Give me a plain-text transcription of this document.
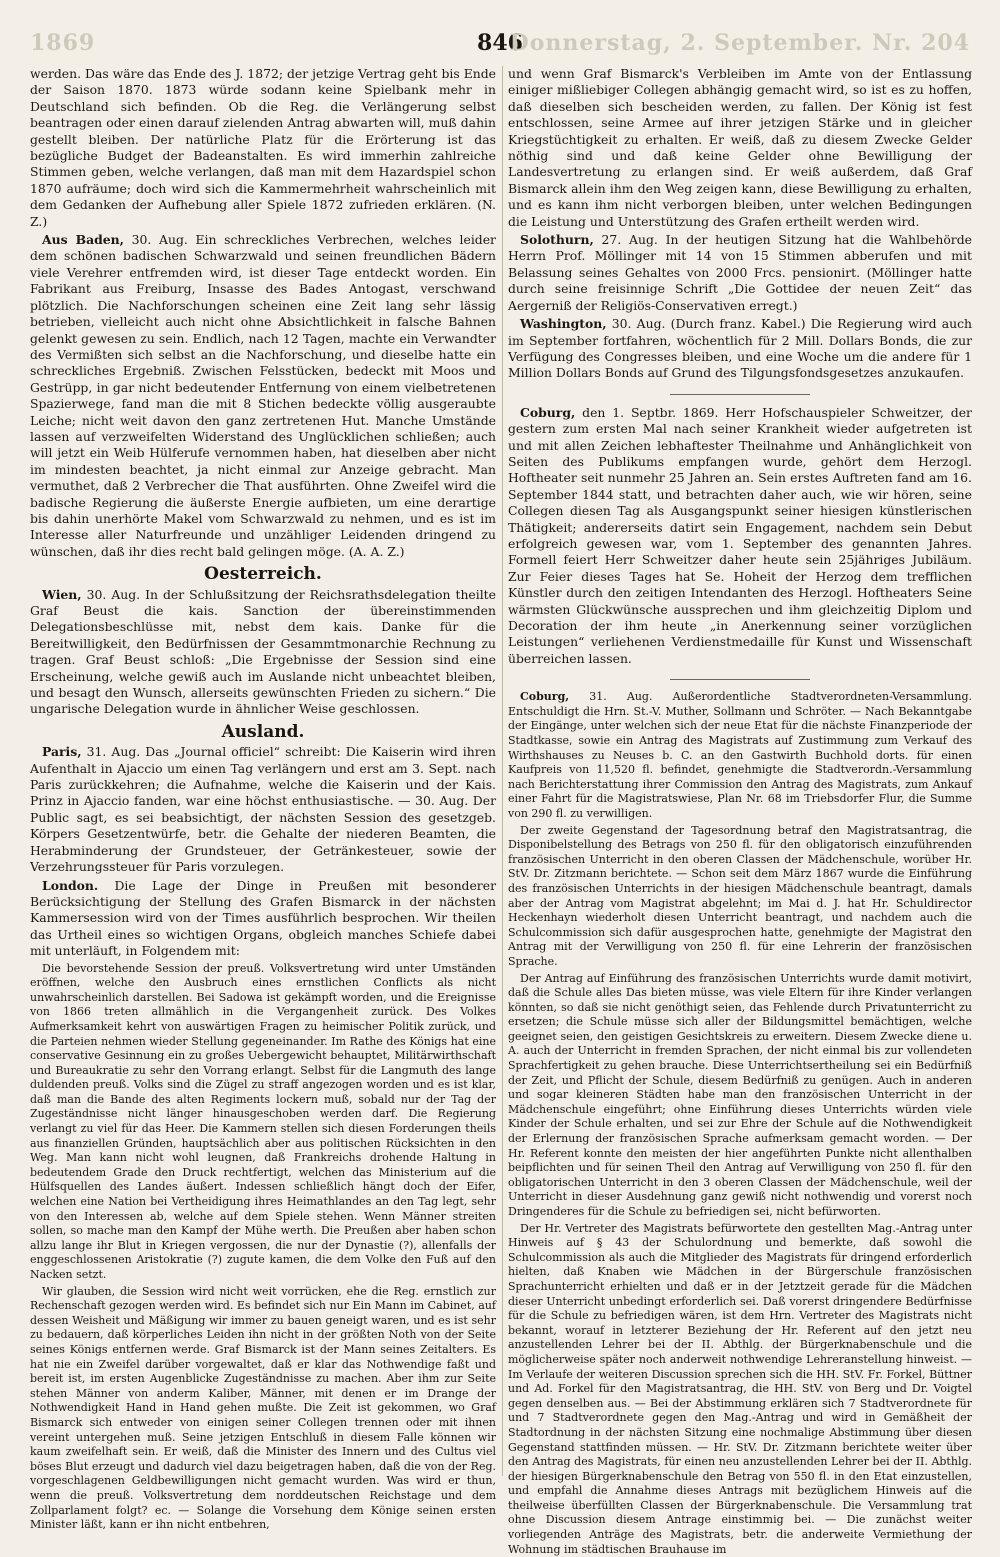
1869	846
Donnerstag, 2. September. Nr. 204

werden. Das wäre das Ende des J. 1872; der jetzige Vertrag geht bis Ende der Saison 1870. 1873 würde sodann keine Spielbank mehr in Deutschland sich befinden. Ob die Reg. die Verlängerung selbst beantragen oder einen darauf zielenden Antrag abwarten will, muß dahin gestellt bleiben. Der natürliche Platz für die Erörterung ist das bezügliche Budget der Badeanstalten. Es wird immerhin zahlreiche Stimmen geben, welche verlangen, daß man mit dem Hazardspiel schon 1870 aufräume; doch wird sich die Kammermehrheit wahrscheinlich mit dem Gedanken der Aufhebung aller Spiele 1872 zufrieden erklären. (N. Z.)

Aus Baden, 30. Aug. Ein schreckliches Verbrechen, welches leider dem schönen badischen Schwarzwald und seinen freundlichen Bädern viele Verehrer entfremden wird, ist dieser Tage entdeckt worden. Ein Fabrikant aus Freiburg, Insasse des Bades Antogast, verschwand plötzlich. Die Nachforschungen scheinen eine Zeit lang sehr lässig betrieben, vielleicht auch nicht ohne Absichtlichkeit in falsche Bahnen gelenkt gewesen zu sein. Endlich, nach 12 Tagen, machte ein Verwandter des Vermißten sich selbst an die Nachforschung, und dieselbe hatte ein schreckliches Ergebniß. Zwischen Felsstücken, bedeckt mit Moos und Gestrüpp, in gar nicht bedeutender Entfernung von einem vielbetretenen Spazierwege, fand man die mit 8 Stichen bedeckte völlig ausgeraubte Leiche; nicht weit davon den ganz zertretenen Hut. Manche Umstände lassen auf verzweifelten Widerstand des Unglücklichen schließen; auch will jetzt ein Weib Hülferufe vernommen haben, hat dieselben aber nicht im mindesten beachtet, ja nicht einmal zur Anzeige gebracht. Man vermuthet, daß 2 Verbrecher die That ausführten. Ohne Zweifel wird die badische Regierung die äußerste Energie aufbieten, um eine derartige bis dahin unerhörte Makel vom Schwarzwald zu nehmen, und es ist im Interesse aller Naturfreunde und unzähliger Leidenden dringend zu wünschen, daß ihr dies recht bald gelingen möge. (A. A. Z.)

Oesterreich.

Wien, 30. Aug. In der Schlußsitzung der Reichsrathsdelegation theilte Graf Beust die kais. Sanction der übereinstimmenden Delegationsbeschlüsse mit, nebst dem kais. Danke für die Bereitwilligkeit, den Bedürfnissen der Gesammtmonarchie Rechnung zu tragen. Graf Beust schloß: „Die Ergebnisse der Session sind eine Erscheinung, welche gewiß auch im Auslande nicht unbeachtet bleiben, und besagt den Wunsch, allerseits gewünschten Frieden zu sichern.“ Die ungarische Delegation wurde in ähnlicher Weise geschlossen.

Ausland.

Paris, 31. Aug. Das „Journal officiel“ schreibt: Die Kaiserin wird ihren Aufenthalt in Ajaccio um einen Tag verlängern und erst am 3. Sept. nach Paris zurückkehren; die Aufnahme, welche die Kaiserin und der Kais. Prinz in Ajaccio fanden, war eine höchst enthusiastische. — 30. Aug. Der Public sagt, es sei beabsichtigt, der nächsten Session des gesetzgeb. Körpers Gesetzentwürfe, betr. die Gehalte der niederen Beamten, die Herabminderung der Grundsteuer, der Getränkesteuer, sowie der Verzehrungssteuer für Paris vorzulegen.

London. Die Lage der Dinge in Preußen mit besonderer Berücksichtigung der Stellung des Grafen Bismarck in der nächsten Kammersession wird von der Times ausführlich besprochen. Wir theilen das Urtheil eines so wichtigen Organs, obgleich manches Schiefe dabei mit unterläuft, in Folgendem mit:

Die bevorstehende Session der preuß. Volksvertretung wird unter Umständen eröffnen, welche den Ausbruch eines ernstlichen Conflicts als nicht unwahrscheinlich darstellen. Bei Sadowa ist gekämpft worden, und die Ereignisse von 1866 treten allmählich in die Vergangenheit zurück. Des Volkes Aufmerksamkeit kehrt von auswärtigen Fragen zu heimischer Politik zurück, und die Parteien nehmen wieder Stellung gegeneinander. Im Rathe des Königs hat eine conservative Gesinnung ein zu großes Uebergewicht behauptet, Militärwirthschaft und Bureaukratie zu sehr den Vorrang erlangt. Selbst für die Langmuth des lange duldenden preuß. Volks sind die Zügel zu straff angezogen worden und es ist klar, daß man die Bande des alten Regiments lockern muß, sobald nur der Tag der Zugeständnisse nicht länger hinausgeschoben werden darf. Die Regierung verlangt zu viel für das Heer. Die Kammern stellen sich diesen Forderungen theils aus finanziellen Gründen, hauptsächlich aber aus politischen Rücksichten in den Weg. Man kann nicht wohl leugnen, daß Frankreichs drohende Haltung in bedeutendem Grade den Druck rechtfertigt, welchen das Ministerium auf die Hülfsquellen des Landes äußert. Indessen schließlich hängt doch der Eifer, welchen eine Nation bei Vertheidigung ihres Heimathlandes an den Tag legt, sehr von den Interessen ab, welche auf dem Spiele stehen. Wenn Männer streiten sollen, so mache man den Kampf der Mühe werth. Die Preußen aber haben schon allzu lange ihr Blut in Kriegen vergossen, die nur der Dynastie (?), allenfalls der enggeschlossenen Aristokratie (?) zugute kamen, die dem Volke den Fuß auf den Nacken setzt.

Wir glauben, die Session wird nicht weit vorrücken, ehe die Reg. ernstlich zur Rechenschaft gezogen werden wird. Es befindet sich nur Ein Mann im Cabinet, auf dessen Weisheit und Mäßigung wir immer zu bauen geneigt waren, und es ist sehr zu bedauern, daß körperliches Leiden ihn nicht in der größten Noth von der Seite seines Königs entfernen werde. Graf Bismarck ist der Mann seines Zeitalters. Es hat nie ein Zweifel darüber vorgewaltet, daß er klar das Nothwendige faßt und bereit ist, im ersten Augenblicke Zugeständnisse zu machen. Aber ihm zur Seite stehen Männer von anderm Kaliber, Männer, mit denen er im Drange der Nothwendigkeit Hand in Hand gehen mußte. Die Zeit ist gekommen, wo Graf Bismarck sich entweder von einigen seiner Collegen trennen oder mit ihnen vereint untergehen muß. Seine jetzigen Entschluß in diesem Falle können wir kaum zweifelhaft sein. Er weiß, daß die Minister des Innern und des Cultus viel böses Blut erzeugt und dadurch viel dazu beigetragen haben, daß die von der Reg. vorgeschlagenen Geldbewilligungen nicht gemacht wurden. Was wird er thun, wenn die preuß. Volksvertretung dem norddeutschen Reichstage und dem Zollparlament folgt? ec. — Solange die Vorsehung dem Könige seinen ersten Minister läßt, kann er ihn nicht entbehren,

und wenn Graf Bismarck's Verbleiben im Amte von der Entlassung einiger mißliebiger Collegen abhängig gemacht wird, so ist es zu hoffen, daß dieselben sich bescheiden werden, zu fallen. Der König ist fest entschlossen, seine Armee auf ihrer jetzigen Stärke und in gleicher Kriegstüchtigkeit zu erhalten. Er weiß, daß zu diesem Zwecke Gelder nöthig sind und daß keine Gelder ohne Bewilligung der Landesvertretung zu erlangen sind. Er weiß außerdem, daß Graf Bismarck allein ihm den Weg zeigen kann, diese Bewilligung zu erhalten, und es kann ihm nicht verborgen bleiben, unter welchen Bedingungen die Leistung und Unterstützung des Grafen ertheilt werden wird.

Solothurn, 27. Aug. In der heutigen Sitzung hat die Wahlbehörde Herrn Prof. Möllinger mit 14 von 15 Stimmen abberufen und mit Belassung seines Gehaltes von 2000 Frcs. pensionirt. (Möllinger hatte durch seine freisinnige Schrift „Die Gottidee der neuen Zeit“ das Aergerniß der Religiös-Conservativen erregt.)

Washington, 30. Aug. (Durch franz. Kabel.) Die Regierung wird auch im September fortfahren, wöchentlich für 2 Mill. Dollars Bonds, die zur Verfügung des Congresses bleiben, und eine Woche um die andere für 1 Million Dollars Bonds auf Grund des Tilgungsfondsgesetzes anzukaufen.

Coburg, den 1. Septbr. 1869. Herr Hofschauspieler Schweitzer, der gestern zum ersten Mal nach seiner Krankheit wieder aufgetreten ist und mit allen Zeichen lebhaftester Theilnahme und Anhänglichkeit von Seiten des Publikums empfangen wurde, gehört dem Herzogl. Hoftheater seit nunmehr 25 Jahren an. Sein erstes Auftreten fand am 16. September 1844 statt, und betrachten daher auch, wie wir hören, seine Collegen diesen Tag als Ausgangspunkt seiner hiesigen künstlerischen Thätigkeit; andererseits datirt sein Engagement, nachdem sein Debut erfolgreich gewesen war, vom 1. September des genannten Jahres. Formell feiert Herr Schweitzer daher heute sein 25jähriges Jubiläum. Zur Feier dieses Tages hat Se. Hoheit der Herzog dem trefflichen Künstler durch den zeitigen Intendanten des Herzogl. Hoftheaters Seine wärmsten Glückwünsche aussprechen und ihm gleichzeitig Diplom und Decoration der ihm heute „in Anerkennung seiner vorzüglichen Leistungen“ verliehenen Verdienstmedaille für Kunst und Wissenschaft überreichen lassen.

Coburg, 31. Aug. Außerordentliche Stadtverordneten-Versammlung. Entschuldigt die Hrn. St.-V. Muther, Sollmann und Schröter. — Nach Bekanntgabe der Eingänge, unter welchen sich der neue Etat für die nächste Finanzperiode der Stadtkasse, sowie ein Antrag des Magistrats auf Zustimmung zum Verkauf des Wirthshauses zu Neuses b. C. an den Gastwirth Buchhold dorts. für einen Kaufpreis von 11,520 fl. befindet, genehmigte die Stadtverordn.-Versammlung nach Berichterstattung ihrer Commission den Antrag des Magistrats, zum Ankauf einer Fahrt für die Magistratswiese, Plan Nr. 68 im Triebsdorfer Flur, die Summe von 290 fl. zu verwilligen.

Der zweite Gegenstand der Tagesordnung betraf den Magistratsantrag, die Disponibelstellung des Betrags von 250 fl. für den obligatorisch einzuführenden französischen Unterricht in den oberen Classen der Mädchenschule, worüber Hr. StV. Dr. Zitzmann berichtete. — Schon seit dem März 1867 wurde die Einführung des französischen Unterrichts in der hiesigen Mädchenschule beantragt, damals aber der Antrag vom Magistrat abgelehnt; im Mai d. J. hat Hr. Schuldirector Heckenhayn wiederholt diesen Unterricht beantragt, und nachdem auch die Schulcommission sich dafür ausgesprochen hatte, genehmigte der Magistrat den Antrag mit der Verwilligung von 250 fl. für eine Lehrerin der französischen Sprache.

Der Antrag auf Einführung des französischen Unterrichts wurde damit motivirt, daß die Schule alles Das bieten müsse, was viele Eltern für ihre Kinder verlangen könnten, so daß sie nicht genöthigt seien, das Fehlende durch Privatunterricht zu ersetzen; die Schule müsse sich aller der Bildungsmittel bemächtigen, welche geeignet seien, den geistigen Gesichtskreis zu erweitern. Diesem Zwecke diene u. A. auch der Unterricht in fremden Sprachen, der nicht einmal bis zur vollendeten Sprachfertigkeit zu gehen brauche. Diese Unterrichtsertheilung sei ein Bedürfniß der Zeit, und Pflicht der Schule, diesem Bedürfniß zu genügen. Auch in anderen und sogar kleineren Städten habe man den französischen Unterricht in der Mädchenschule eingeführt; ohne Einführung dieses Unterrichts würden viele Kinder der Schule erhalten, und sei zur Ehre der Schule auf die Nothwendigkeit der Erlernung der französischen Sprache aufmerksam gemacht worden. — Der Hr. Referent konnte den meisten der hier angeführten Punkte nicht allenthalben beipflichten und für seinen Theil den Antrag auf Verwilligung von 250 fl. für den obligatorischen Unterricht in den 3 oberen Classen der Mädchenschule, weil der Unterricht in dieser Ausdehnung ganz gewiß nicht nothwendig und vorerst noch Dringenderes für die Schule zu befriedigen sei, nicht befürworten.

Der Hr. Vertreter des Magistrats befürwortete den gestellten Mag.-Antrag unter Hinweis auf § 43 der Schulordnung und bemerkte, daß sowohl die Schulcommission als auch die Mitglieder des Magistrats für dringend erforderlich hielten, daß Knaben wie Mädchen in der Bürgerschule französischen Sprachunterricht erhielten und daß er in der Jetztzeit gerade für die Mädchen dieser Unterricht unbedingt erforderlich sei. Daß vorerst dringendere Bedürfnisse für die Schule zu befriedigen wären, ist dem Hrn. Vertreter des Magistrats nicht bekannt, worauf in letzterer Beziehung der Hr. Referent auf den jetzt neu anzustellenden Lehrer bei der II. Abthlg. der Bürgerknabenschule und die möglicherweise später noch anderweit nothwendige Lehreranstellung hinweist. — Im Verlaufe der weiteren Discussion sprechen sich die HH. StV. Fr. Forkel, Büttner und Ad. Forkel für den Magistratsantrag, die HH. StV. von Berg und Dr. Voigtel gegen denselben aus. — Bei der Abstimmung erklären sich 7 Stadtverordnete für und 7 Stadtverordnete gegen den Mag.-Antrag und wird in Gemäßheit der Stadtordnung in der nächsten Sitzung eine nochmalige Abstimmung über diesen Gegenstand stattfinden müssen. — Hr. StV. Dr. Zitzmann berichtete weiter über den Antrag des Magistrats, für einen neu anzustellenden Lehrer bei der II. Abthlg. der hiesigen Bürgerknabenschule den Betrag von 550 fl. in den Etat einzustellen, und empfahl die Annahme dieses Antrags mit bezüglichem Hinweis auf die theilweise überfüllten Classen der Bürgerknabenschule. Die Versammlung trat ohne Discussion diesem Antrage einstimmig bei. — Die zunächst weiter vorliegenden Anträge des Magistrats, betr. die anderweite Vermiethung der Wohnung im städtischen Brauhause im
